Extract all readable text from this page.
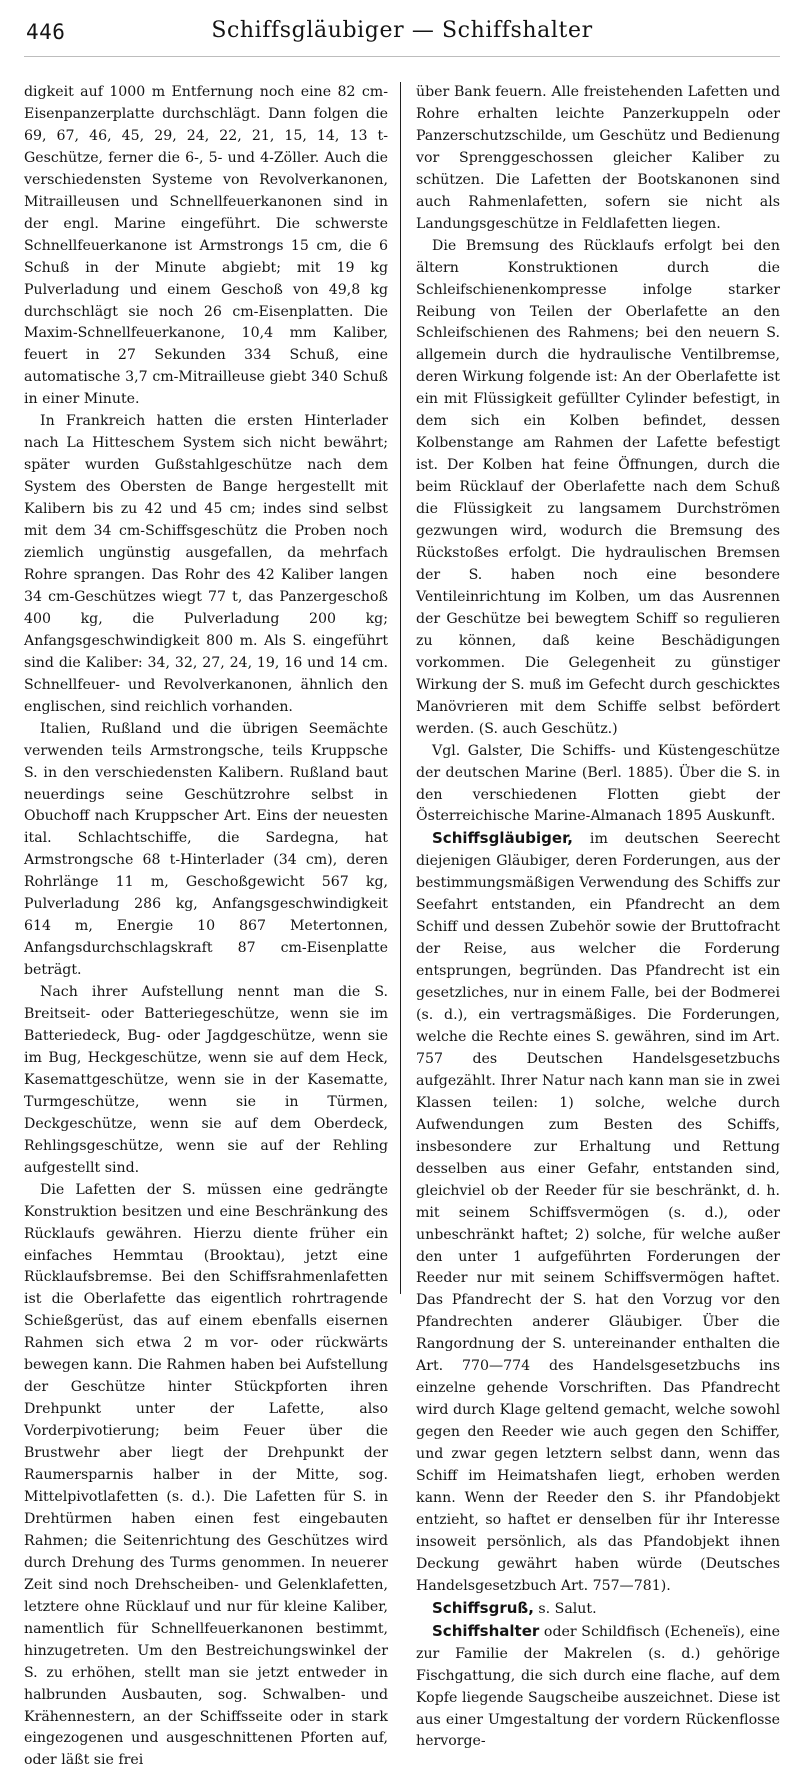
446	Schiffsgläubiger — Schiffshalter

digkeit auf 1000 m Entfernung noch eine 82 cm-Eisenpanzerplatte durchschlägt. Dann folgen die 69, 67, 46, 45, 29, 24, 22, 21, 15, 14, 13 t-Geschütze, ferner die 6-, 5- und 4-Zöller. Auch die verschiedensten Systeme von Revolverkanonen, Mitrailleusen und Schnellfeuerkanonen sind in der engl. Marine eingeführt. Die schwerste Schnellfeuerkanone ist Armstrongs 15 cm, die 6 Schuß in der Minute abgiebt; mit 19 kg Pulverladung und einem Geschoß von 49,8 kg durchschlägt sie noch 26 cm-Eisenplatten. Die Maxim-Schnellfeuerkanone, 10,4 mm Kaliber, feuert in 27 Sekunden 334 Schuß, eine automatische 3,7 cm-Mitrailleuse giebt 340 Schuß in einer Minute.

In Frankreich hatten die ersten Hinterlader nach La Hitteschem System sich nicht bewährt; später wurden Gußstahlgeschütze nach dem System des Obersten de Bange hergestellt mit Kalibern bis zu 42 und 45 cm; indes sind selbst mit dem 34 cm-Schiffsgeschütz die Proben noch ziemlich ungünstig ausgefallen, da mehrfach Rohre sprangen. Das Rohr des 42 Kaliber langen 34 cm-Geschützes wiegt 77 t, das Panzergeschoß 400 kg, die Pulverladung 200 kg; Anfangsgeschwindigkeit 800 m. Als S. eingeführt sind die Kaliber: 34, 32, 27, 24, 19, 16 und 14 cm. Schnellfeuer- und Revolverkanonen, ähnlich den englischen, sind reichlich vorhanden.

Italien, Rußland und die übrigen Seemächte verwenden teils Armstrongsche, teils Kruppsche S. in den verschiedensten Kalibern. Rußland baut neuerdings seine Geschützrohre selbst in Obuchoff nach Kruppscher Art. Eins der neuesten ital. Schlachtschiffe, die Sardegna, hat Armstrongsche 68 t-Hinterlader (34 cm), deren Rohrlänge 11 m, Geschoßgewicht 567 kg, Pulverladung 286 kg, Anfangsgeschwindigkeit 614 m, Energie 10 867 Metertonnen, Anfangsdurchschlagskraft 87 cm-Eisenplatte beträgt.

Nach ihrer Aufstellung nennt man die S. Breitseit- oder Batteriegeschütze, wenn sie im Batteriedeck, Bug- oder Jagdgeschütze, wenn sie im Bug, Heckgeschütze, wenn sie auf dem Heck, Kasemattgeschütze, wenn sie in der Kasematte, Turmgeschütze, wenn sie in Türmen, Deckgeschütze, wenn sie auf dem Oberdeck, Rehlingsgeschütze, wenn sie auf der Rehling aufgestellt sind.

Die Lafetten der S. müssen eine gedrängte Konstruktion besitzen und eine Beschränkung des Rücklaufs gewähren. Hierzu diente früher ein einfaches Hemmtau (Brooktau), jetzt eine Rücklaufsbremse. Bei den Schiffsrahmenlafetten ist die Oberlafette das eigentlich rohrtragende Schießgerüst, das auf einem ebenfalls eisernen Rahmen sich etwa 2 m vor- oder rückwärts bewegen kann. Die Rahmen haben bei Aufstellung der Geschütze hinter Stückpforten ihren Drehpunkt unter der Lafette, also Vorderpivotierung; beim Feuer über die Brustwehr aber liegt der Drehpunkt der Raumersparnis halber in der Mitte, sog. Mittelpivotlafetten (s. d.). Die Lafetten für S. in Drehtürmen haben einen fest eingebauten Rahmen; die Seitenrichtung des Geschützes wird durch Drehung des Turms genommen. In neuerer Zeit sind noch Drehscheiben- und Gelenklafetten, letztere ohne Rücklauf und nur für kleine Kaliber, namentlich für Schnellfeuerkanonen bestimmt, hinzugetreten. Um den Bestreichungswinkel der S. zu erhöhen, stellt man sie jetzt entweder in halbrunden Ausbauten, sog. Schwalben- und Krähennestern, an der Schiffsseite oder in stark eingezogenen und ausgeschnittenen Pforten auf, oder läßt sie frei

über Bank feuern. Alle freistehenden Lafetten und Rohre erhalten leichte Panzerkuppeln oder Panzerschutzschilde, um Geschütz und Bedienung vor Sprenggeschossen gleicher Kaliber zu schützen. Die Lafetten der Bootskanonen sind auch Rahmenlafetten, sofern sie nicht als Landungsgeschütze in Feldlafetten liegen.

Die Bremsung des Rücklaufs erfolgt bei den ältern Konstruktionen durch die Schleifschienenkompresse infolge starker Reibung von Teilen der Oberlafette an den Schleifschienen des Rahmens; bei den neuern S. allgemein durch die hydraulische Ventilbremse, deren Wirkung folgende ist: An der Oberlafette ist ein mit Flüssigkeit gefüllter Cylinder befestigt, in dem sich ein Kolben befindet, dessen Kolbenstange am Rahmen der Lafette befestigt ist. Der Kolben hat feine Öffnungen, durch die beim Rücklauf der Oberlafette nach dem Schuß die Flüssigkeit zu langsamem Durchströmen gezwungen wird, wodurch die Bremsung des Rückstoßes erfolgt. Die hydraulischen Bremsen der S. haben noch eine besondere Ventileinrichtung im Kolben, um das Ausrennen der Geschütze bei bewegtem Schiff so regulieren zu können, daß keine Beschädigungen vorkommen. Die Gelegenheit zu günstiger Wirkung der S. muß im Gefecht durch geschicktes Manövrieren mit dem Schiffe selbst befördert werden. (S. auch Geschütz.)

Vgl. Galster, Die Schiffs- und Küstengeschütze der deutschen Marine (Berl. 1885). Über die S. in den verschiedenen Flotten giebt der Österreichische Marine-Almanach 1895 Auskunft.

Schiffsgläubiger, im deutschen Seerecht diejenigen Gläubiger, deren Forderungen, aus der bestimmungsmäßigen Verwendung des Schiffs zur Seefahrt entstanden, ein Pfandrecht an dem Schiff und dessen Zubehör sowie der Bruttofracht der Reise, aus welcher die Forderung entsprungen, begründen. Das Pfandrecht ist ein gesetzliches, nur in einem Falle, bei der Bodmerei (s. d.), ein vertragsmäßiges. Die Forderungen, welche die Rechte eines S. gewähren, sind im Art. 757 des Deutschen Handelsgesetzbuchs aufgezählt. Ihrer Natur nach kann man sie in zwei Klassen teilen: 1) solche, welche durch Aufwendungen zum Besten des Schiffs, insbesondere zur Erhaltung und Rettung desselben aus einer Gefahr, entstanden sind, gleichviel ob der Reeder für sie beschränkt, d. h. mit seinem Schiffsvermögen (s. d.), oder unbeschränkt haftet; 2) solche, für welche außer den unter 1 aufgeführten Forderungen der Reeder nur mit seinem Schiffsvermögen haftet. Das Pfandrecht der S. hat den Vorzug vor den Pfandrechten anderer Gläubiger. Über die Rangordnung der S. untereinander enthalten die Art. 770—774 des Handelsgesetzbuchs ins einzelne gehende Vorschriften. Das Pfandrecht wird durch Klage geltend gemacht, welche sowohl gegen den Reeder wie auch gegen den Schiffer, und zwar gegen letztern selbst dann, wenn das Schiff im Heimatshafen liegt, erhoben werden kann. Wenn der Reeder den S. ihr Pfandobjekt entzieht, so haftet er denselben für ihr Interesse insoweit persönlich, als das Pfandobjekt ihnen Deckung gewährt haben würde (Deutsches Handelsgesetzbuch Art. 757—781).

Schiffsgruß, s. Salut.

Schiffshalter oder Schildfisch (Echeneïs), eine zur Familie der Makrelen (s. d.) gehörige Fischgattung, die sich durch eine flache, auf dem Kopfe liegende Saugscheibe auszeichnet. Diese ist aus einer Umgestaltung der vordern Rückenflosse hervorge-
